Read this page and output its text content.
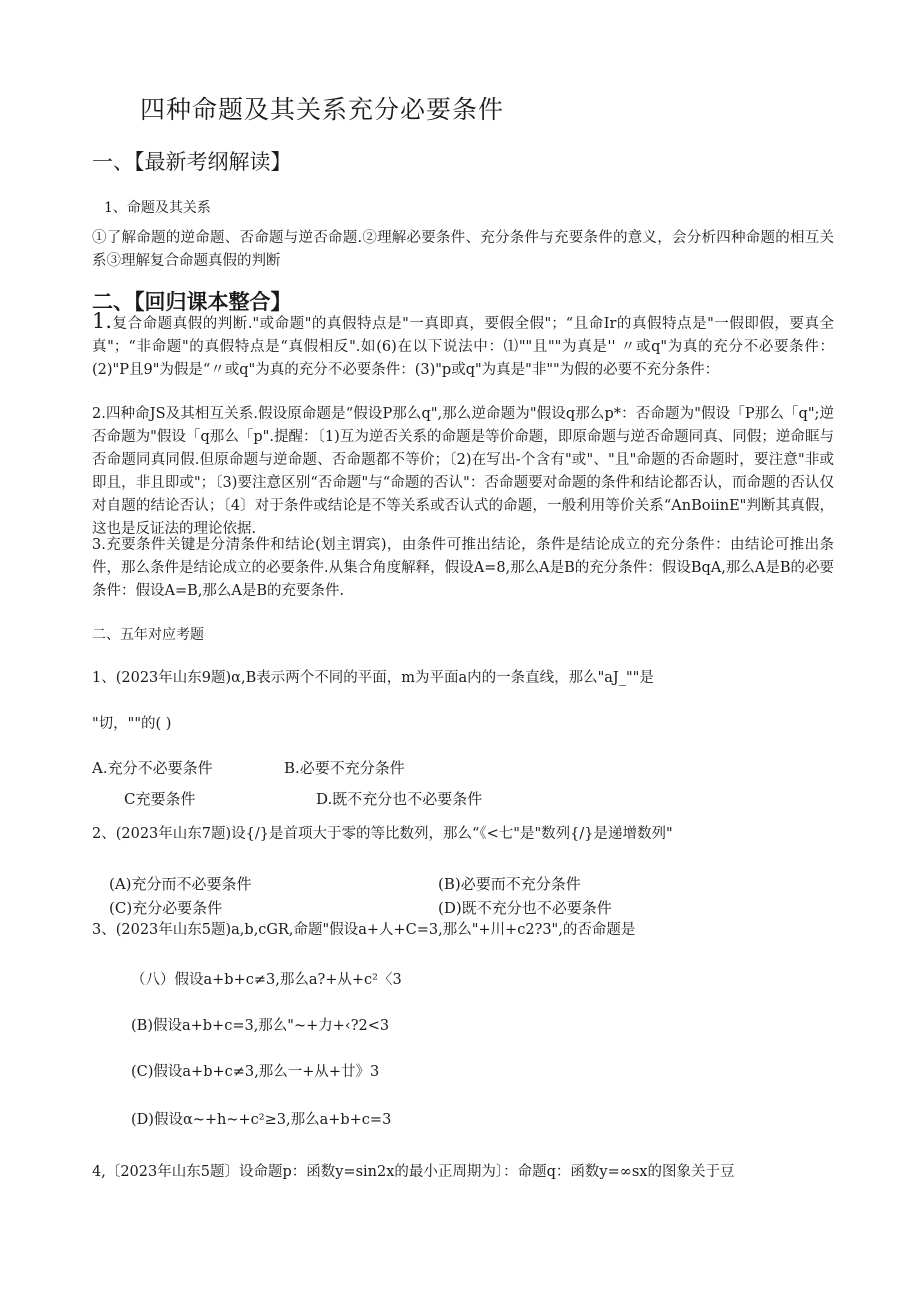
四种命题及其关系充分必要条件
一、【最新考纲解读】
1、命题及其关系
①了解命题的逆命题、否命题与逆否命题.②理解必要条件、充分条件与充要条件的意义，会分析四种命题的相互关系③理解复合命题真假的判断
二、【回归课本整合】
1.复合命题真假的判断."或命题"的真假特点是"一真即真，要假全假"；“且命Ir的真假特点是"一假即假，要真全真"；“非命题"的真假特点是“真假相反".如(6)在以下说法中：⑴""且""为真是'' 〃或q"为真的充分不必要条件：(2)"P且9"为假是“〃或q"为真的充分不必要条件：(3)"p或q"为真是"非""为假的必要不充分条件：
2.四种命JS及其相互关系.假设原命题是“假设P那么q",那么逆命题为"假设q那么p*：否命题为"假设「P那么「q";逆否命题为"假设「q那么「p".提醒：〔1)互为逆否关系的命题是等价命题，即原命题与逆否命题同真、同假；逆命眶与否命题同真同假.但原命题与逆命题、否命题都不等价；〔2)在写出-个含有"或"、"且"命题的否命题时，要注意"非或即且，非且即或"；〔3)要注意区别“否命题"与“命题的否认"：否命题要对命题的条件和结论都否认，而命题的否认仅对自题的结论否认；〔4〕对于条件或结论是不等关系或否认式的命题，一般利用等价关系“AnBoiinE"判断其真假，这也是反证法的理论依据.
3.充要条件关键是分清条件和结论(划主谓宾)，由条件可推出结论，条件是结论成立的充分条件：由结论可推出条件，那么条件是结论成立的必要条件.从集合角度解释，假设A=8,那么A是B的充分条件：假设BqA,那么A是B的必要条件：假设A=B,那么A是B的充要条件.
二、五年对应考题
1、(2023年山东9题)α,B表示两个不同的平面，m为平面a内的一条直线，那么"aJ_""是
"切，""的( )
A.充分不必要条件	B.必要不充分条件
C充要条件	D.既不充分也不必要条件
2、(2023年山东7题)设{/}是首项大于零的等比数列，那么“《<七"是"数列{/}是递增数列"
(A)充分而不必要条件	(B)必要而不充分条件
(C)充分必要条件	(D)既不充分也不必要条件
3、(2023年山东5题)a,b,cGR,命题"假设a+人+C=3,那么"+川+c2?3",的否命题是
（八）假设a+b+c≠3,那么a?+从+c²〈3
(B)假设a+b+c=3,那么"~+力+‹?2<3
(C)假设a+b+c≠3,那么一+从+廿》3
(D)假设α~+h~+c²≥3,那么a+b+c=3
4,〔2023年山东5题〕设命题p：函数y=sin2x的最小正周期为〕：命题q：函数y=∞sx的图象关于豆
